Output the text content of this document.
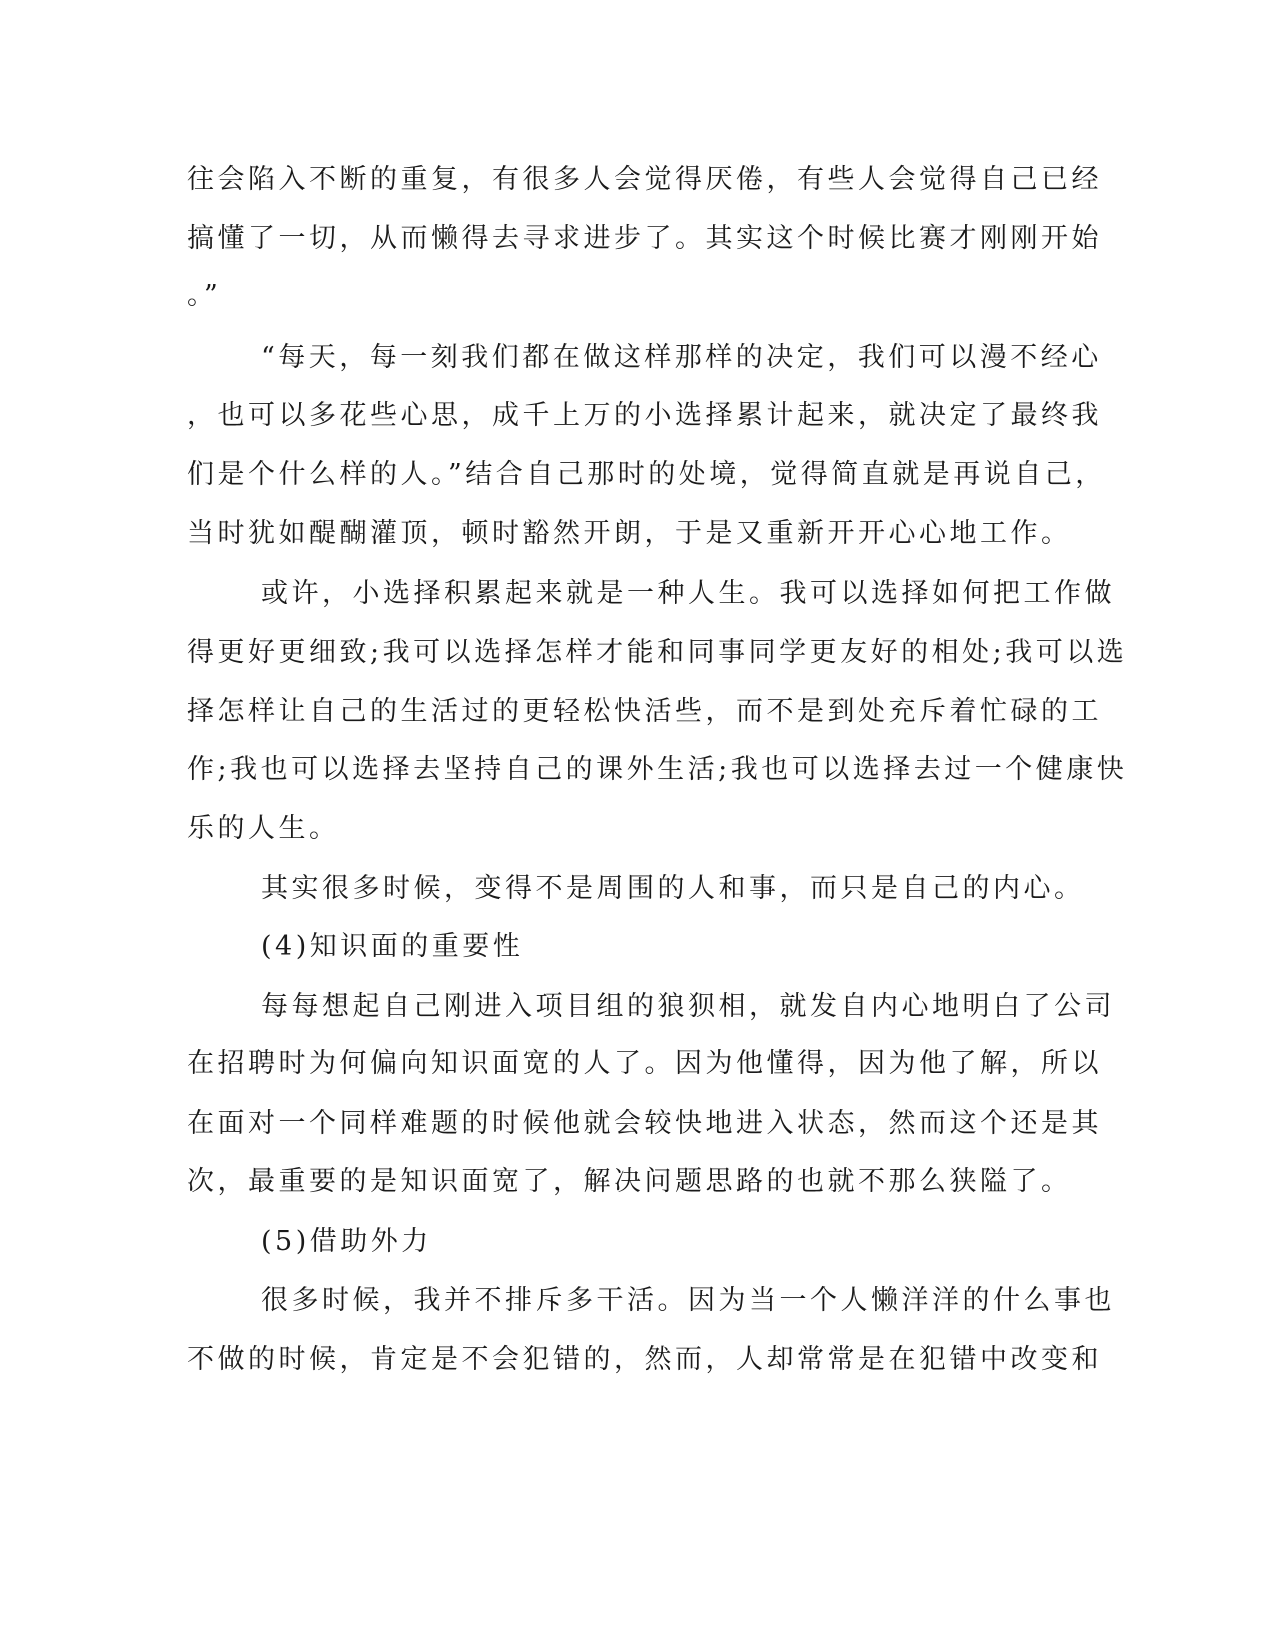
往会陷入不断的重复，有很多人会觉得厌倦，有些人会觉得自己已经
搞懂了一切，从而懒得去寻求进步了。其实这个时候比赛才刚刚开始
。”
“每天，每一刻我们都在做这样那样的决定，我们可以漫不经心
，也可以多花些心思，成千上万的小选择累计起来，就决定了最终我
们是个什么样的人。”结合自己那时的处境，觉得简直就是再说自己，
当时犹如醍醐灌顶，顿时豁然开朗，于是又重新开开心心地工作。
或许，小选择积累起来就是一种人生。我可以选择如何把工作做
得更好更细致;我可以选择怎样才能和同事同学更友好的相处;我可以选
择怎样让自己的生活过的更轻松快活些，而不是到处充斥着忙碌的工
作;我也可以选择去坚持自己的课外生活;我也可以选择去过一个健康快
乐的人生。
其实很多时候，变得不是周围的人和事，而只是自己的内心。
(4)知识面的重要性
每每想起自己刚进入项目组的狼狈相，就发自内心地明白了公司
在招聘时为何偏向知识面宽的人了。因为他懂得，因为他了解，所以
在面对一个同样难题的时候他就会较快地进入状态，然而这个还是其
次，最重要的是知识面宽了，解决问题思路的也就不那么狭隘了。
(5)借助外力
很多时候，我并不排斥多干活。因为当一个人懒洋洋的什么事也
不做的时候，肯定是不会犯错的，然而，人却常常是在犯错中改变和
